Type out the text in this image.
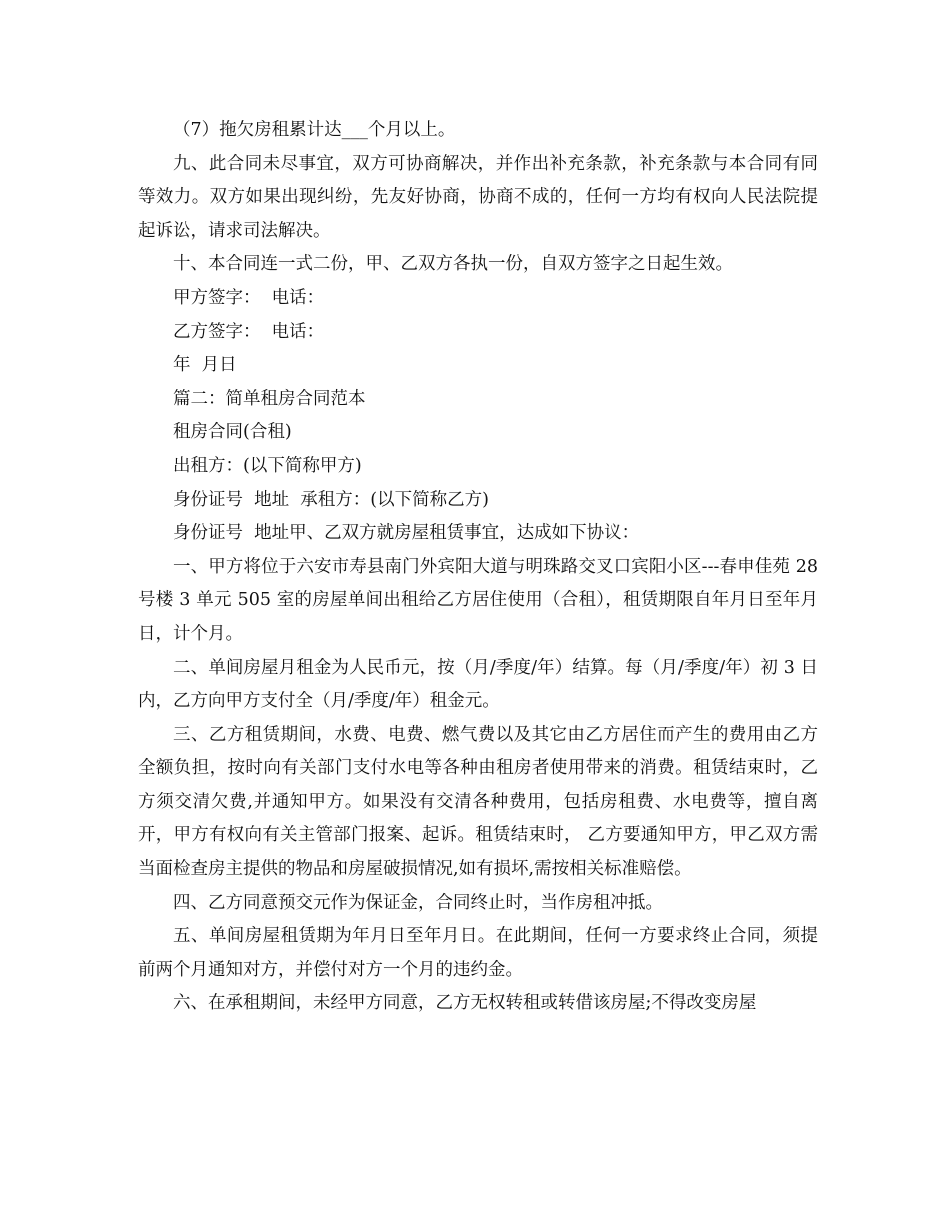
（7）拖欠房租累计达___个月以上。

九、此合同未尽事宜，双方可协商解决，并作出补充条款，补充条款与本合同有同等效力。双方如果出现纠纷，先友好协商，协商不成的，任何一方均有权向人民法院提起诉讼，请求司法解决。

十、本合同连一式二份，甲、乙双方各执一份，自双方签字之日起生效。

甲方签字：  电话：

乙方签字：  电话：

年  月日

篇二：简单租房合同范本

租房合同(合租)

出租方：(以下简称甲方)

身份证号  地址  承租方：(以下简称乙方)

身份证号  地址甲、乙双方就房屋租赁事宜，达成如下协议：

一、甲方将位于六安市寿县南门外宾阳大道与明珠路交叉口宾阳小区---春申佳苑 28 号楼 3 单元 505 室的房屋单间出租给乙方居住使用（合租），租赁期限自年月日至年月日，计个月。

二、单间房屋月租金为人民币元，按（月/季度/年）结算。每（月/季度/年）初 3 日内，乙方向甲方支付全（月/季度/年）租金元。

三、乙方租赁期间，水费、电费、燃气费以及其它由乙方居住而产生的费用由乙方全额负担，按时向有关部门支付水电等各种由租房者使用带来的消费。租赁结束时，乙方须交清欠费,并通知甲方。如果没有交清各种费用，包括房租费、水电费等，擅自离开，甲方有权向有关主管部门报案、起诉。租赁结束时， 乙方要通知甲方，甲乙双方需当面检查房主提供的物品和房屋破损情况,如有损坏,需按相关标准赔偿。

四、乙方同意预交元作为保证金，合同终止时，当作房租冲抵。

五、单间房屋租赁期为年月日至年月日。在此期间，任何一方要求终止合同，须提前两个月通知对方，并偿付对方一个月的违约金。

六、在承租期间，未经甲方同意，乙方无权转租或转借该房屋;不得改变房屋
